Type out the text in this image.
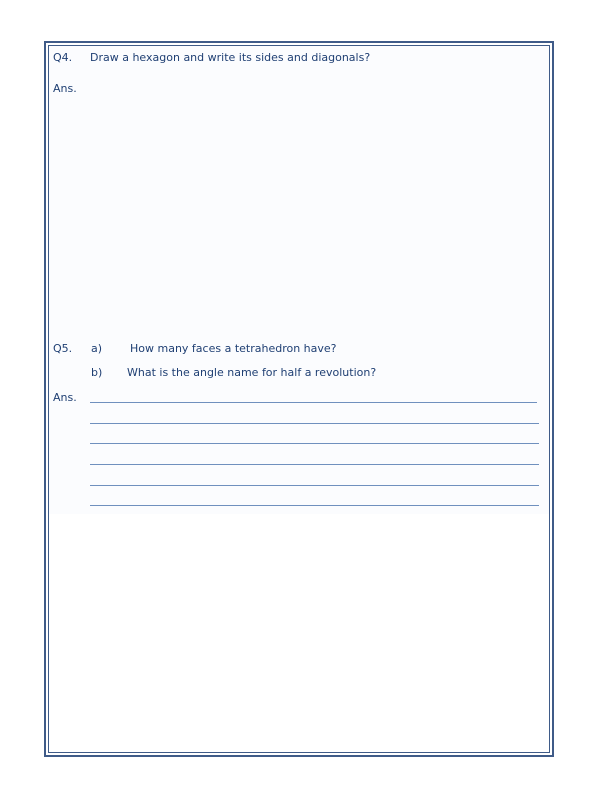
Q4. Draw a hexagon and write its sides and diagonals?
Ans.
Q5. a)	How many faces a tetrahedron have?
b) What is the angle name for half a revolution?
Ans.
